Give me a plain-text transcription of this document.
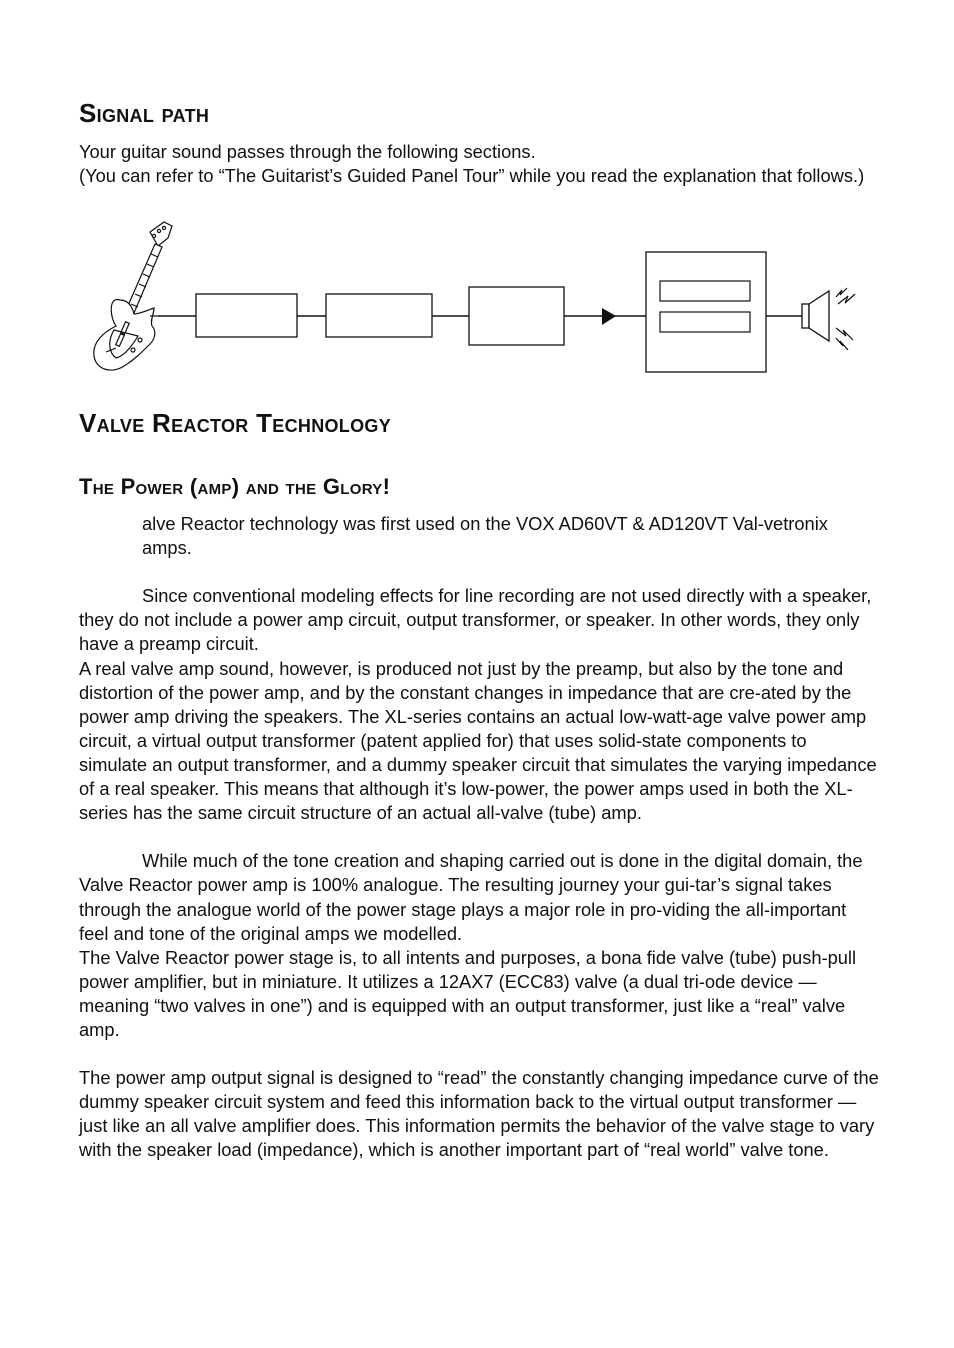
Signal path

Your guitar sound passes through the following sections.

(You can refer to “The Guitarist’s Guided Panel Tour” while you read the explanation that follows.)

Valve Reactor Technology
The Power (amp) and the Glory!

alve Reactor technology was first used on the VOX AD60VT & AD120VT Val-vetronix amps.

Since conventional modeling effects for line recording are not used directly with a speaker, they do not include a power amp circuit, output transformer, or speaker. In other words, they only have a preamp circuit.

A real valve amp sound, however, is produced not just by the preamp, but also by the tone and distortion of the power amp, and by the constant changes in impedance that are cre-ated by the power amp driving the speakers. The XL-series contains an actual low-watt-age valve power amp circuit, a virtual output transformer (patent applied for) that uses solid-state components to simulate an output transformer, and a dummy speaker circuit that simulates the varying impedance of a real speaker. This means that although it’s low-power, the power amps used in both the XL-series has the same circuit structure of an actual all-valve (tube) amp.

While much of the tone creation and shaping carried out is done in the digital domain, the Valve Reactor power amp is 100% analogue. The resulting journey your gui-tar’s signal takes through the analogue world of the power stage plays a major role in pro-viding the all-important feel and tone of the original amps we modelled.

The Valve Reactor power stage is, to all intents and purposes, a bona fide valve (tube) push-pull power amplifier, but in miniature. It utilizes a 12AX7 (ECC83) valve (a dual tri-ode device — meaning “two valves in one”) and is equipped with an output transformer, just like a “real” valve amp.

The power amp output signal is designed to “read” the constantly changing impedance curve of the dummy speaker circuit system and feed this information back to the virtual output transformer — just like an all valve amplifier does. This information permits the behavior of the valve stage to vary with the speaker load (impedance), which is another important part of “real world” valve tone.
